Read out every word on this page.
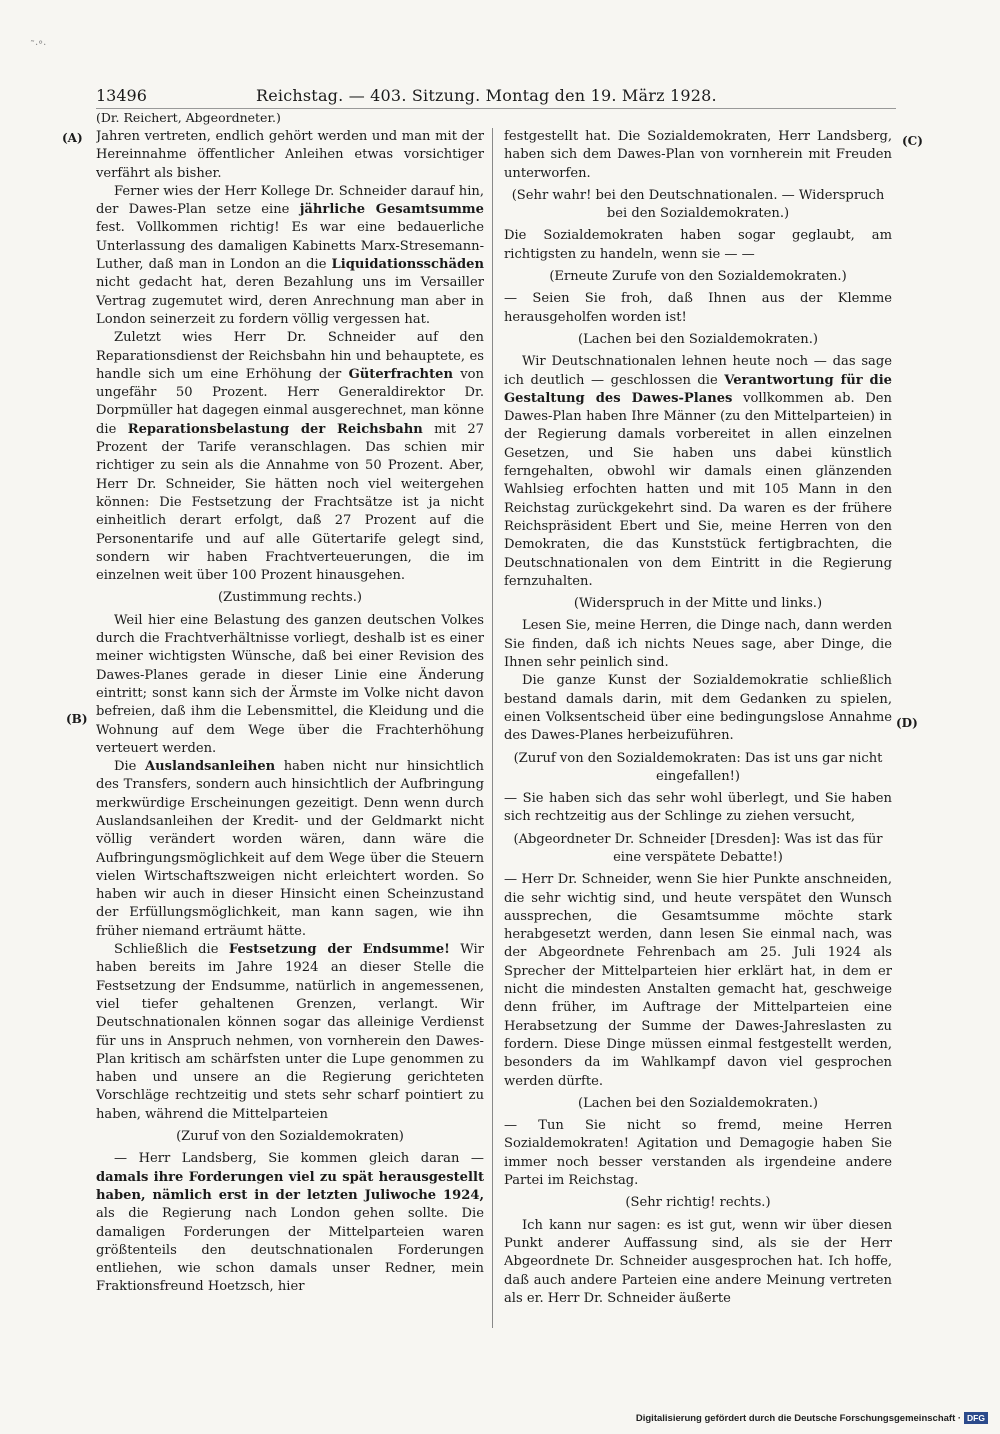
˜·°·
13496	Reichstag. — 403. Sitzung. Montag den 19. März 1928.
(Dr. Reichert, Abgeordneter.)
(A)
(B)
(C)
(D)

Jahren vertreten, endlich gehört werden und man mit der Hereinnahme öffentlicher Anleihen etwas vorsichtiger verfährt als bisher.

Ferner wies der Herr Kollege Dr. Schneider darauf hin, der Dawes-Plan setze eine jährliche Gesamtsumme fest. Vollkommen richtig! Es war eine bedauerliche Unterlassung des damaligen Kabinetts Marx-Stresemann-Luther, daß man in London an die Liquidationsschäden nicht gedacht hat, deren Bezahlung uns im Versailler Vertrag zugemutet wird, deren Anrechnung man aber in London seinerzeit zu fordern völlig vergessen hat.

Zuletzt wies Herr Dr. Schneider auf den Reparationsdienst der Reichsbahn hin und behauptete, es handle sich um eine Erhöhung der Güterfrachten von ungefähr 50 Prozent. Herr Generaldirektor Dr. Dorpmüller hat dagegen einmal ausgerechnet, man könne die Reparationsbelastung der Reichsbahn mit 27 Prozent der Tarife veranschlagen. Das schien mir richtiger zu sein als die Annahme von 50 Prozent. Aber, Herr Dr. Schneider, Sie hätten noch viel weitergehen können: Die Festsetzung der Frachtsätze ist ja nicht einheitlich derart erfolgt, daß 27 Prozent auf die Personentarife und auf alle Gütertarife gelegt sind, sondern wir haben Frachtverteuerungen, die im einzelnen weit über 100 Prozent hinausgehen.

(Zustimmung rechts.)

Weil hier eine Belastung des ganzen deutschen Volkes durch die Frachtverhältnisse vorliegt, deshalb ist es einer meiner wichtigsten Wünsche, daß bei einer Revision des Dawes-Planes gerade in dieser Linie eine Änderung eintritt; sonst kann sich der Ärmste im Volke nicht davon befreien, daß ihm die Lebensmittel, die Kleidung und die Wohnung auf dem Wege über die Frachterhöhung verteuert werden.

Die Auslandsanleihen haben nicht nur hinsichtlich des Transfers, sondern auch hinsichtlich der Aufbringung merkwürdige Erscheinungen gezeitigt. Denn wenn durch Auslandsanleihen der Kredit- und der Geldmarkt nicht völlig verändert worden wären, dann wäre die Aufbringungsmöglichkeit auf dem Wege über die Steuern vielen Wirtschaftszweigen nicht erleichtert worden. So haben wir auch in dieser Hinsicht einen Scheinzustand der Erfüllungsmöglichkeit, man kann sagen, wie ihn früher niemand erträumt hätte.

Schließlich die Festsetzung der Endsumme! Wir haben bereits im Jahre 1924 an dieser Stelle die Festsetzung der Endsumme, natürlich in angemessenen, viel tiefer gehaltenen Grenzen, verlangt. Wir Deutschnationalen können sogar das alleinige Verdienst für uns in Anspruch nehmen, von vornherein den Dawes-Plan kritisch am schärfsten unter die Lupe genommen zu haben und unsere an die Regierung gerichteten Vorschläge rechtzeitig und stets sehr scharf pointiert zu haben, während die Mittelparteien

(Zuruf von den Sozialdemokraten)

— Herr Landsberg, Sie kommen gleich daran — damals ihre Forderungen viel zu spät herausgestellt haben, nämlich erst in der letzten Juliwoche 1924, als die Regierung nach London gehen sollte. Die damaligen Forderungen der Mittelparteien waren größtenteils den deutschnationalen Forderungen entliehen, wie schon damals unser Redner, mein Fraktionsfreund Hoetzsch, hier

festgestellt hat. Die Sozialdemokraten, Herr Landsberg, haben sich dem Dawes-Plan von vornherein mit Freuden unterworfen.

(Sehr wahr! bei den Deutschnationalen. — Widerspruch bei den Sozialdemokraten.)

Die Sozialdemokraten haben sogar geglaubt, am richtigsten zu handeln, wenn sie — —

(Erneute Zurufe von den Sozialdemokraten.)

— Seien Sie froh, daß Ihnen aus der Klemme herausgeholfen worden ist!

(Lachen bei den Sozialdemokraten.)

Wir Deutschnationalen lehnen heute noch — das sage ich deutlich — geschlossen die Verantwortung für die Gestaltung des Dawes-Planes vollkommen ab. Den Dawes-Plan haben Ihre Männer (zu den Mittelparteien) in der Regierung damals vorbereitet in allen einzelnen Gesetzen, und Sie haben uns dabei künstlich ferngehalten, obwohl wir damals einen glänzenden Wahlsieg erfochten hatten und mit 105 Mann in den Reichstag zurückgekehrt sind. Da waren es der frühere Reichspräsident Ebert und Sie, meine Herren von den Demokraten, die das Kunststück fertigbrachten, die Deutschnationalen von dem Eintritt in die Regierung fernzuhalten.

(Widerspruch in der Mitte und links.)

Lesen Sie, meine Herren, die Dinge nach, dann werden Sie finden, daß ich nichts Neues sage, aber Dinge, die Ihnen sehr peinlich sind.

Die ganze Kunst der Sozialdemokratie schließlich bestand damals darin, mit dem Gedanken zu spielen, einen Volksentscheid über eine bedingungslose Annahme des Dawes-Planes herbeizuführen.

(Zuruf von den Sozialdemokraten: Das ist uns gar nicht eingefallen!)

— Sie haben sich das sehr wohl überlegt, und Sie haben sich rechtzeitig aus der Schlinge zu ziehen versucht,

(Abgeordneter Dr. Schneider [Dresden]: Was ist das für eine verspätete Debatte!)

— Herr Dr. Schneider, wenn Sie hier Punkte anschneiden, die sehr wichtig sind, und heute verspätet den Wunsch aussprechen, die Gesamtsumme möchte stark herabgesetzt werden, dann lesen Sie einmal nach, was der Abgeordnete Fehrenbach am 25. Juli 1924 als Sprecher der Mittelparteien hier erklärt hat, in dem er nicht die mindesten Anstalten gemacht hat, geschweige denn früher, im Auftrage der Mittelparteien eine Herabsetzung der Summe der Dawes-Jahreslasten zu fordern. Diese Dinge müssen einmal festgestellt werden, besonders da im Wahlkampf davon viel gesprochen werden dürfte.

(Lachen bei den Sozialdemokraten.)

— Tun Sie nicht so fremd, meine Herren Sozialdemokraten! Agitation und Demagogie haben Sie immer noch besser verstanden als irgendeine andere Partei im Reichstag.

(Sehr richtig! rechts.)

Ich kann nur sagen: es ist gut, wenn wir über diesen Punkt anderer Auffassung sind, als sie der Herr Abgeordnete Dr. Schneider ausgesprochen hat. Ich hoffe, daß auch andere Parteien eine andere Meinung vertreten als er. Herr Dr. Schneider äußerte

Digitalisierung gefördert durch die Deutsche Forschungsgemeinschaft · DFG
